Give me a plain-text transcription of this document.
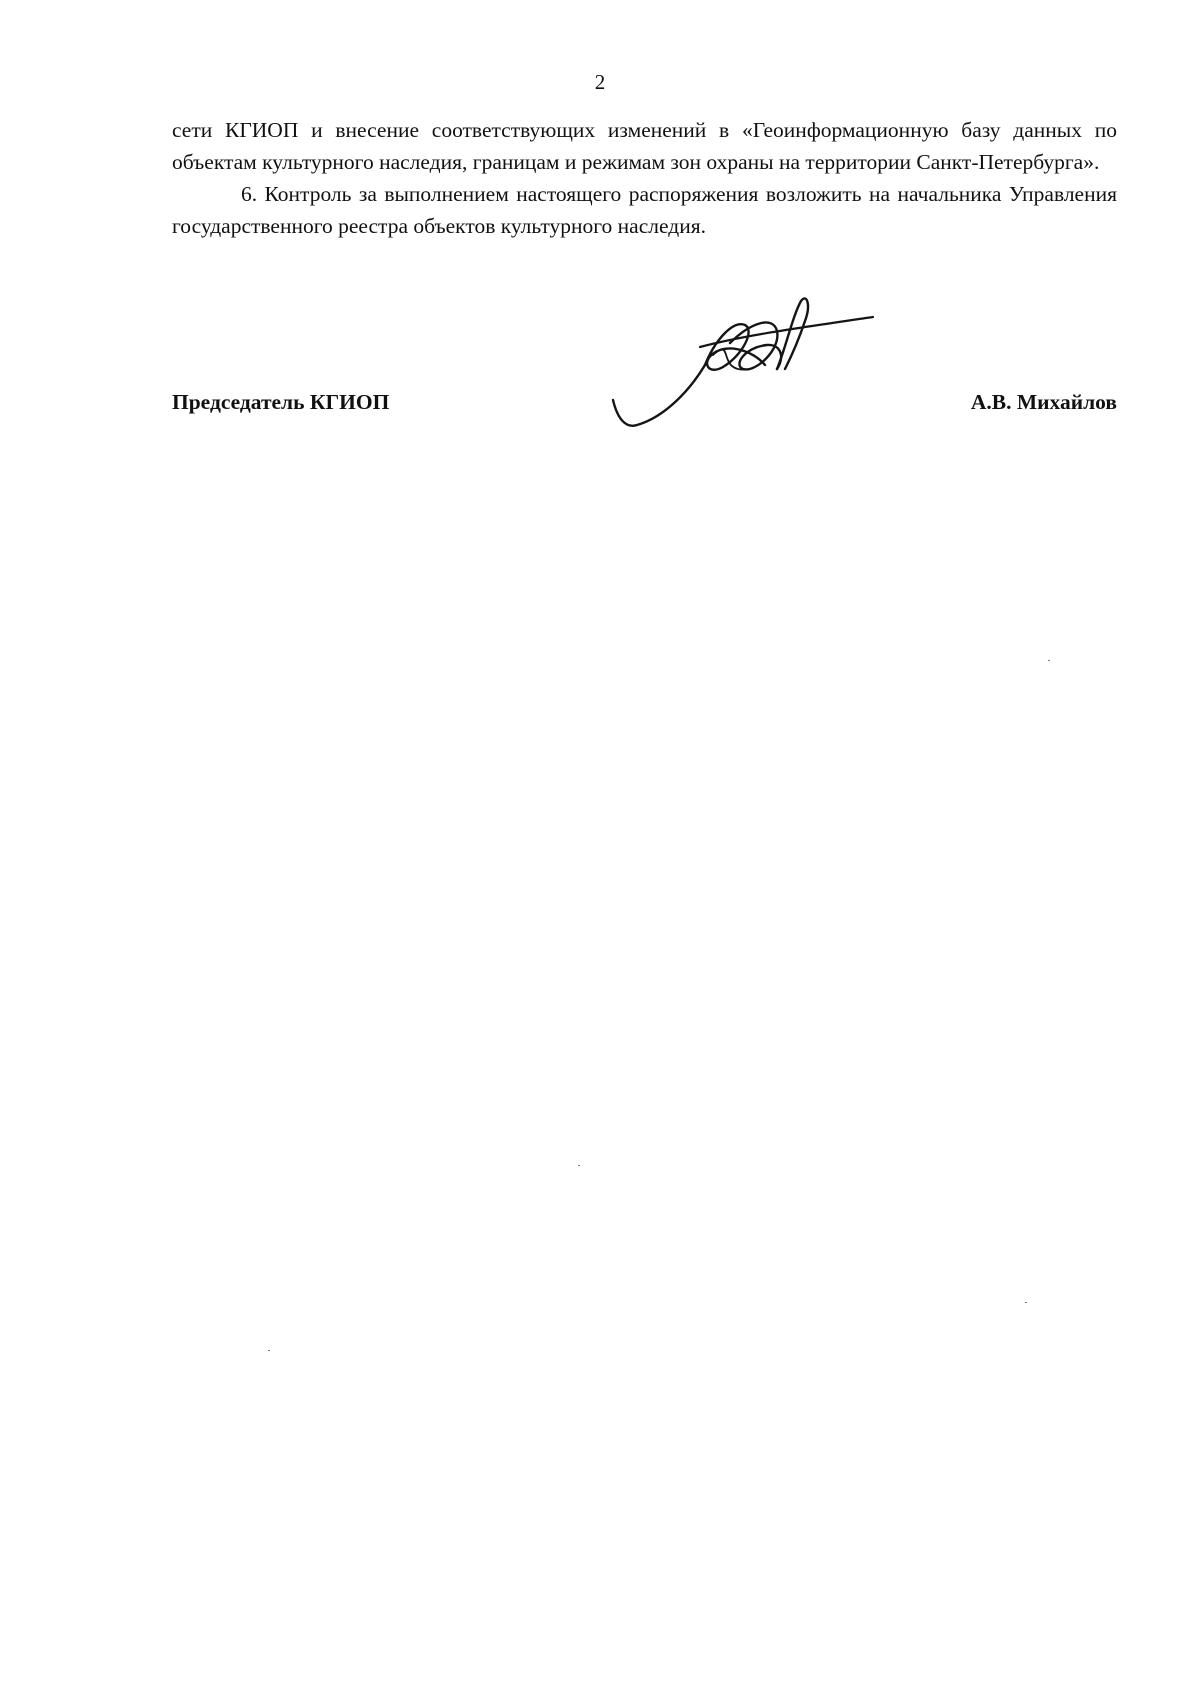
2

сети КГИОП и внесение соответствующих изменений в «Геоинформационную базу данных по объектам культурного наследия, границам и режимам зон охраны на территории Санкт-Петербурга».

6. Контроль за выполнением настоящего распоряжения возложить на начальника Управления государственного реестра объектов культурного наследия.

Председатель КГИОП	А.В. Михайлов
